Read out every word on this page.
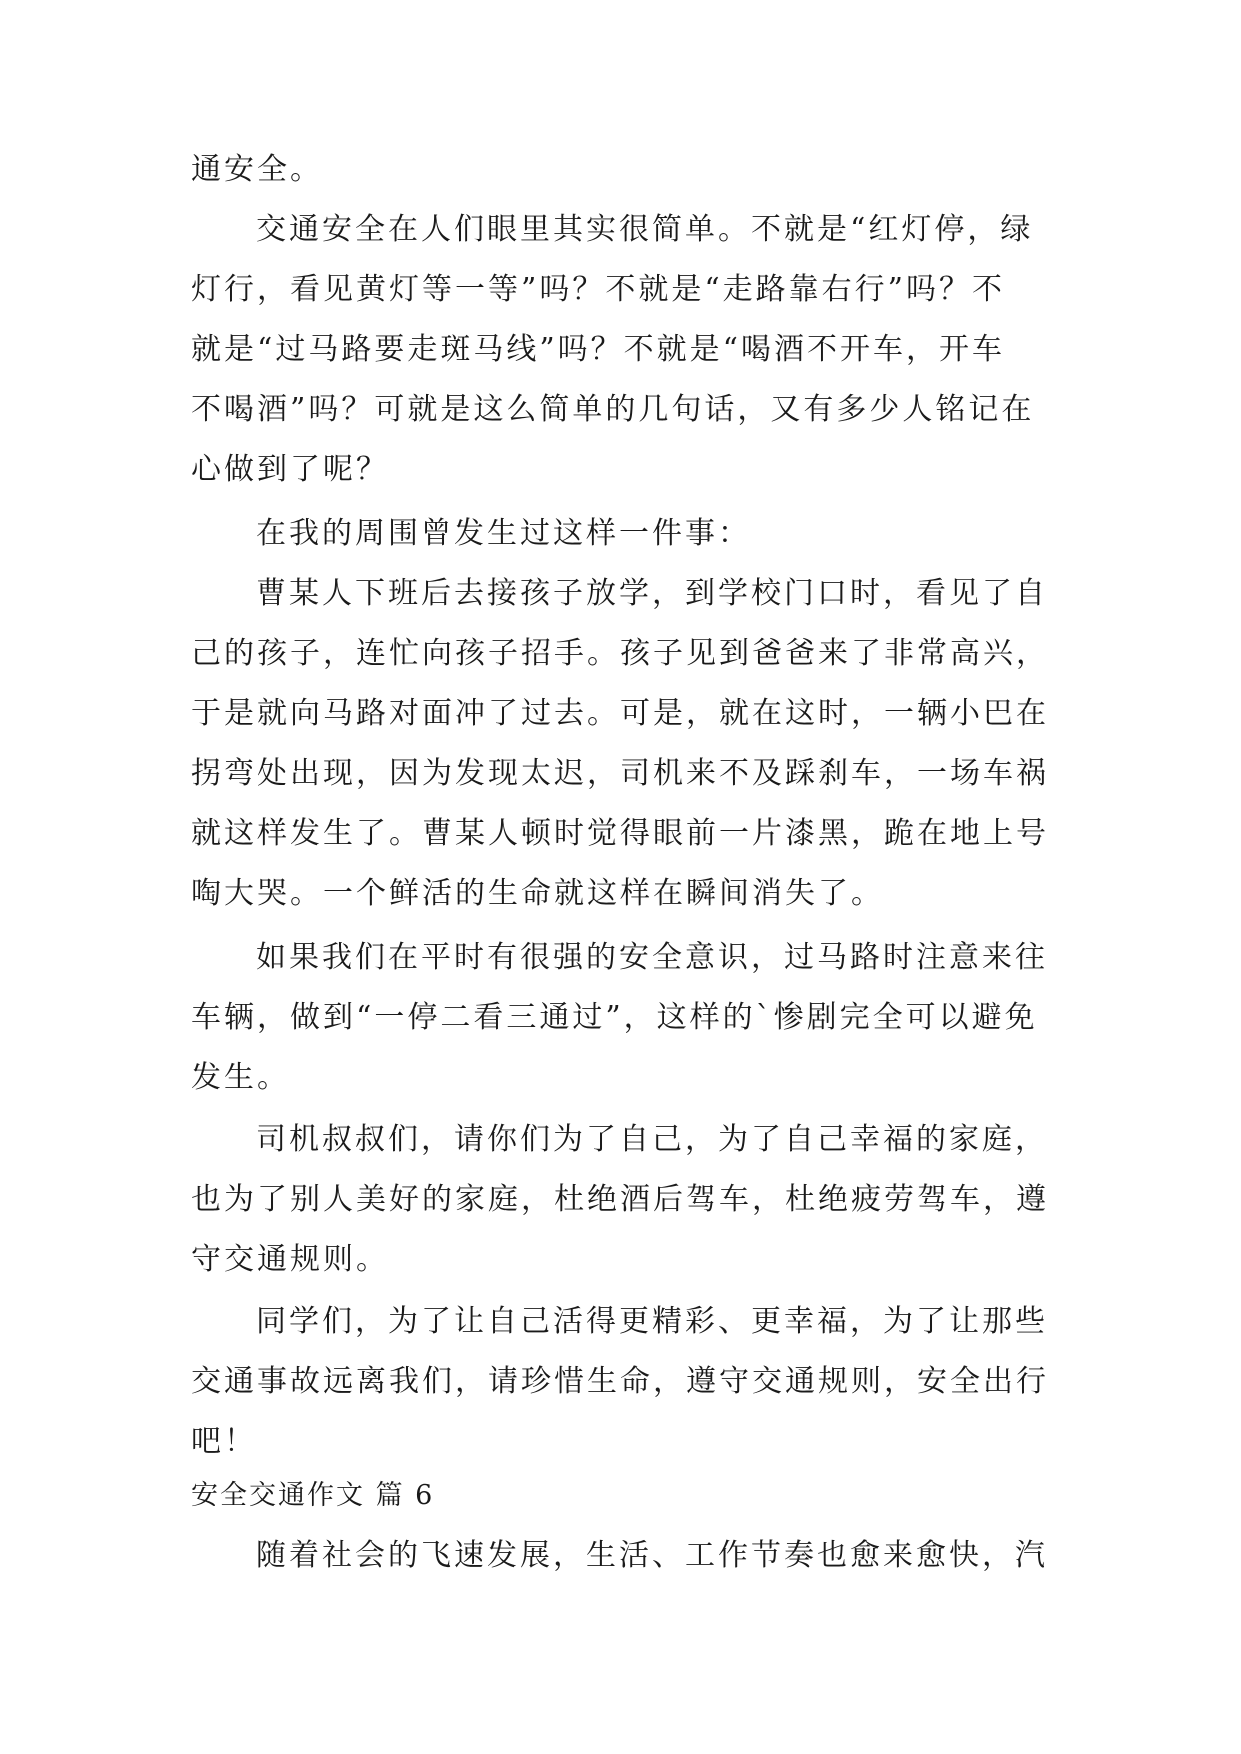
通安全。
交通安全在人们眼里其实很简单。不就是“红灯停，绿
灯行，看见黄灯等一等”吗？不就是“走路靠右行”吗？不
就是“过马路要走斑马线”吗？不就是“喝酒不开车，开车
不喝酒”吗？可就是这么简单的几句话，又有多少人铭记在
心做到了呢？
在我的周围曾发生过这样一件事：
曹某人下班后去接孩子放学，到学校门口时，看见了自
己的孩子，连忙向孩子招手。孩子见到爸爸来了非常高兴，
于是就向马路对面冲了过去。可是，就在这时，一辆小巴在
拐弯处出现，因为发现太迟，司机来不及踩刹车，一场车祸
就这样发生了。曹某人顿时觉得眼前一片漆黑，跪在地上号
啕大哭。一个鲜活的生命就这样在瞬间消失了。
如果我们在平时有很强的安全意识，过马路时注意来往
车辆，做到“一停二看三通过”，这样的`惨剧完全可以避免
发生。
司机叔叔们，请你们为了自己，为了自己幸福的家庭，
也为了别人美好的家庭，杜绝酒后驾车，杜绝疲劳驾车，遵
守交通规则。
同学们，为了让自己活得更精彩、更幸福，为了让那些
交通事故远离我们，请珍惜生命，遵守交通规则，安全出行
吧！
安全交通作文 篇 6
随着社会的飞速发展，生活、工作节奏也愈来愈快，汽
